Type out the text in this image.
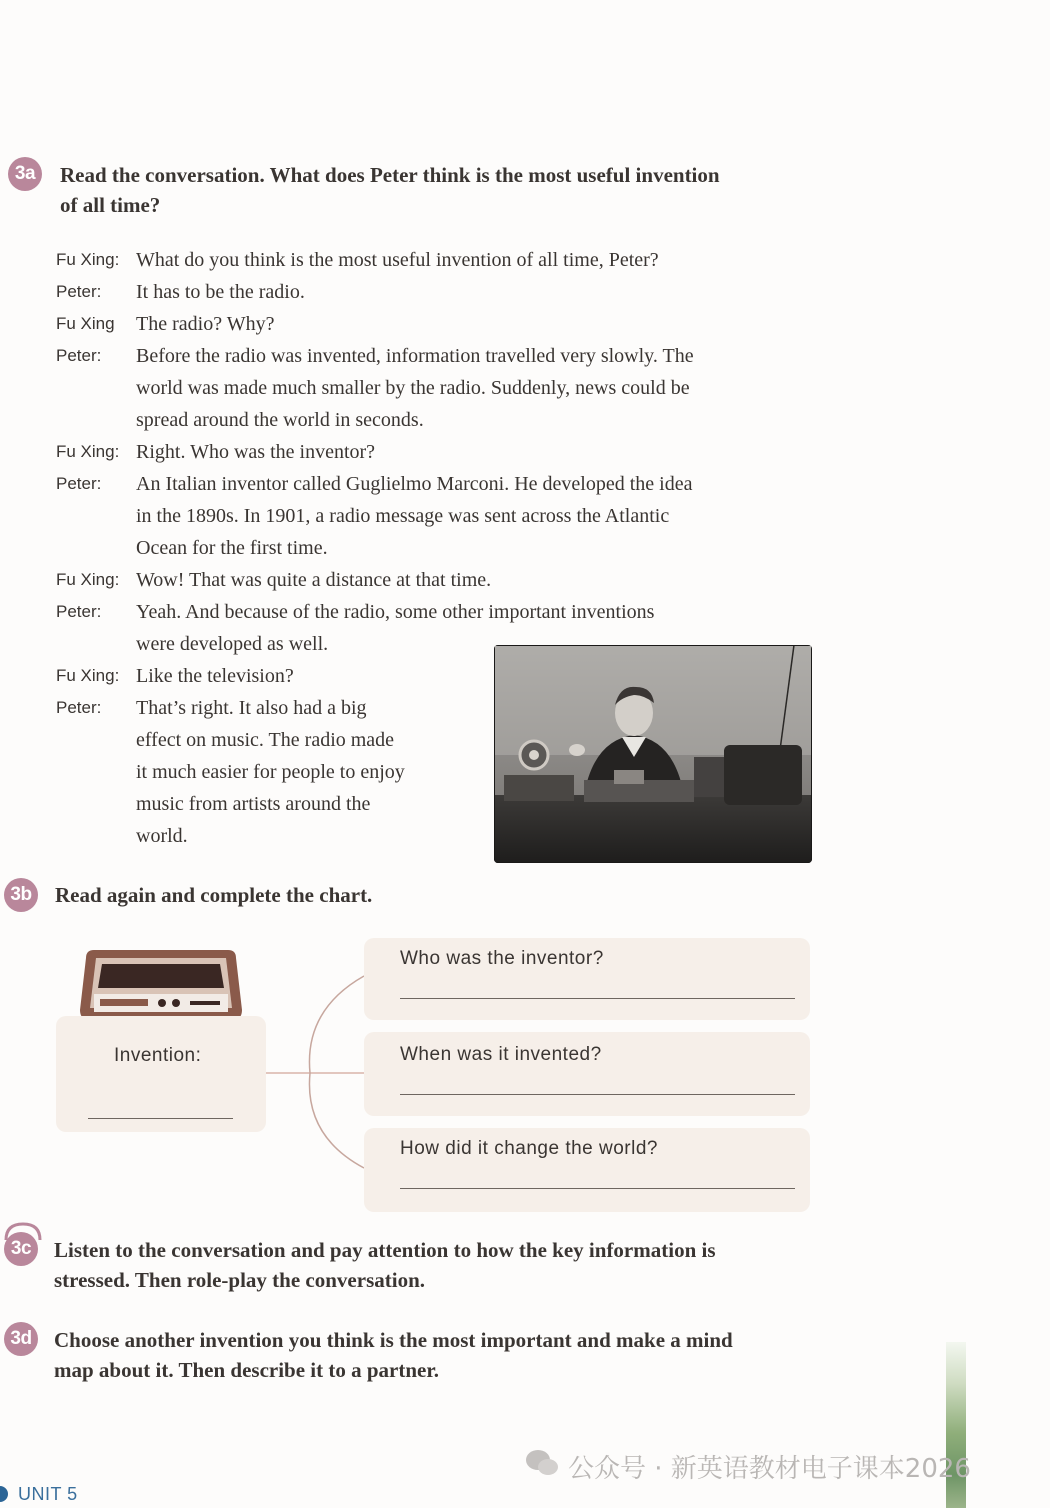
3a	Read the conversation. What does Peter think is the most useful invention
of all time?
Fu Xing: What do you think is the most useful invention of all time, Peter?
Peter:	It has to be the radio.
Fu Xing	The radio? Why?
Peter:	Before the radio was invented, information travelled very slowly. The
world was made much smaller by the radio. Suddenly, news could be
spread around the world in seconds.
Fu Xing: Right. Who was the inventor?
Peter:	An Italian inventor called Guglielmo Marconi. He developed the idea
in the 1890s. In 1901, a radio message was sent across the Atlantic
Ocean for the first time.
Fu Xing: Wow! That was quite a distance at that time.
Peter:	Yeah. And because of the radio, some other important inventions
were developed as well.
Fu Xing: Like the television?
Peter:	That’s right. It also had a big
effect on music. The radio made
it much easier for people to enjoy
music from artists around the
world.
3b	Read again and complete the chart.
Invention:
Who was the inventor?
When was it invented?
How did it change the world?
3c	Listen to the conversation and pay attention to how the key information is
stressed. Then role-play the conversation.
3d	Choose another invention you think is the most important and make a mind
map about it. Then describe it to a partner.
公众号 · 新英语教材电子课本2026
UNIT 5
